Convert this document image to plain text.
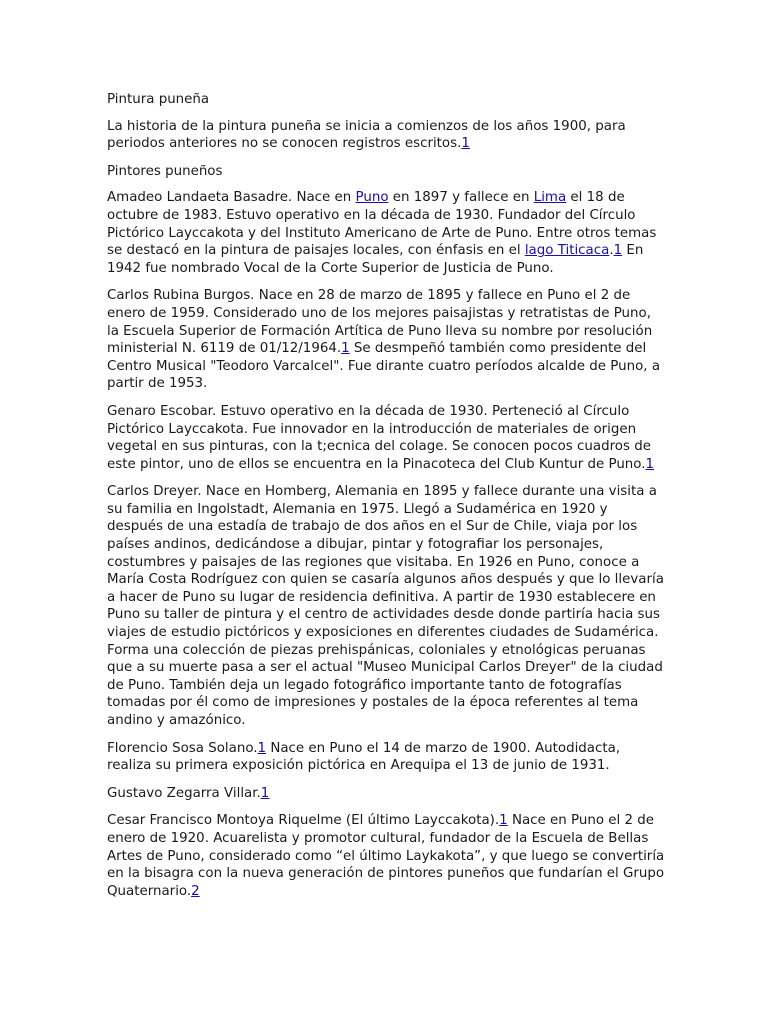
Pintura puneña

La historia de la pintura puneña se inicia a comienzos de los años 1900, para periodos anteriores no se conocen registros escritos.1

Pintores puneños

Amadeo Landaeta Basadre. Nace en Puno en 1897 y fallece en Lima el 18 de octubre de 1983. Estuvo operativo en la década de 1930. Fundador del Círculo Pictórico Layccakota y del Instituto Americano de Arte de Puno. Entre otros temas se destacó en la pintura de paisajes locales, con énfasis en el lago Titicaca.1 En 1942 fue nombrado Vocal de la Corte Superior de Justicia de Puno.

Carlos Rubina Burgos. Nace en 28 de marzo de 1895 y fallece en Puno el 2 de enero de 1959. Considerado uno de los mejores paisajistas y retratistas de Puno, la Escuela Superior de Formación Artítica de Puno lleva su nombre por resolución ministerial N. 6119 de 01/12/1964.1 Se desmpeñó también como presidente del Centro Musical "Teodoro Varcalcel". Fue dirante cuatro períodos alcalde de Puno, a partir de 1953.

Genaro Escobar. Estuvo operativo en la década de 1930. Perteneció al Círculo Pictórico Layccakota. Fue innovador en la introducción de materiales de origen vegetal en sus pinturas, con la t;ecnica del colage. Se conocen pocos cuadros de este pintor, uno de ellos se encuentra en la Pinacoteca del Club Kuntur de Puno.1

Carlos Dreyer. Nace en Homberg, Alemania en 1895 y fallece durante una visita a su familia en Ingolstadt, Alemania en 1975. Llegó a Sudamérica en 1920 y después de una estadía de trabajo de dos años en el Sur de Chile, viaja por los países andinos, dedicándose a dibujar, pintar y fotografiar los personajes, costumbres y paisajes de las regiones que visitaba. En 1926 en Puno, conoce a María Costa Rodríguez con quien se casaría algunos años después y que lo llevaría a hacer de Puno su lugar de residencia definitiva. A partir de 1930 establecere en Puno su taller de pintura y el centro de actividades desde donde partiría hacia sus viajes de estudio pictóricos y exposiciones en diferentes ciudades de Sudamérica. Forma una colección de piezas prehispánicas, coloniales y etnológicas peruanas que a su muerte pasa a ser el actual "Museo Municipal Carlos Dreyer" de la ciudad de Puno. También deja un legado fotográfico importante tanto de fotografías tomadas por él como de impresiones y postales de la época referentes al tema andino y amazónico.

Florencio Sosa Solano.1 Nace en Puno el 14 de marzo de 1900. Autodidacta, realiza su primera exposición pictórica en Arequipa el 13 de junio de 1931.

Gustavo Zegarra Villar.1

Cesar Francisco Montoya Riquelme (El último Layccakota).1 Nace en Puno el 2 de enero de 1920. Acuarelista y promotor cultural, fundador de la Escuela de Bellas Artes de Puno, considerado como “el último Laykakota”, y que luego se convertiría en la bisagra con la nueva generación de pintores puneños que fundarían el Grupo Quaternario.2
